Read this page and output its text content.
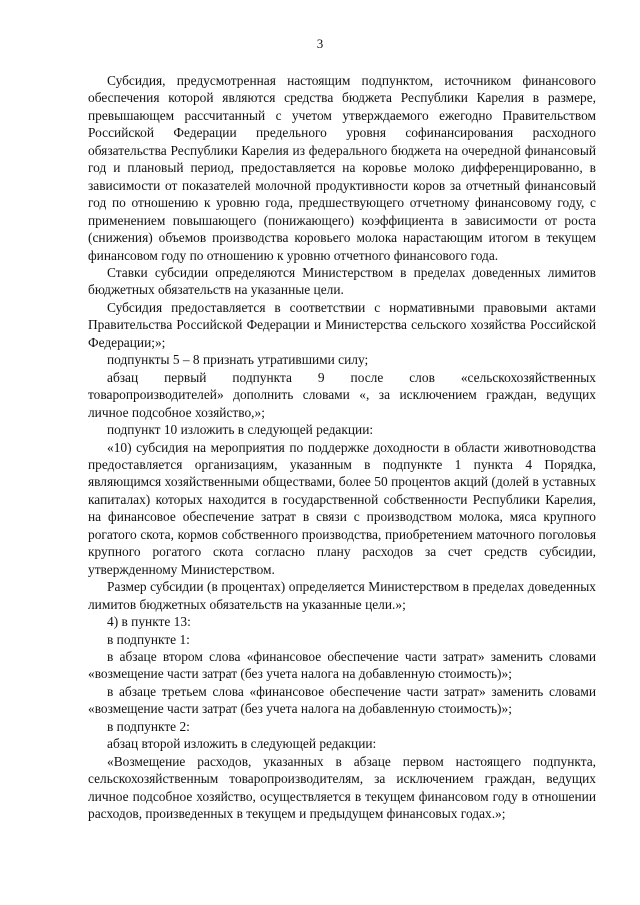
3

Субсидия, предусмотренная настоящим подпунктом, источником финансового обеспечения которой являются средства бюджета Республики Карелия в размере, превышающем рассчитанный с учетом утверждаемого ежегодно Правительством Российской Федерации предельного уровня софинансирования расходного обязательства Республики Карелия из федерального бюджета на очередной финансовый год и плановый период, предоставляется на коровье молоко дифференцированно, в зависимости от показателей молочной продуктивности коров за отчетный финансовый год по отношению к уровню года, предшествующего отчетному финансовому году, с применением повышающего (понижающего) коэффициента в зависимости от роста (снижения) объемов производства коровьего молока нарастающим итогом в текущем финансовом году по отношению к уровню отчетного финансового года.

Ставки субсидии определяются Министерством в пределах доведенных лимитов бюджетных обязательств на указанные цели.

Субсидия предоставляется в соответствии с нормативными правовыми актами Правительства Российской Федерации и Министерства сельского хозяйства Российской Федерации;»;

подпункты 5 – 8 признать утратившими силу;

абзац первый подпункта 9 после слов «сельскохозяйственных товаропроизводителей» дополнить словами «, за исключением граждан, ведущих личное подсобное хозяйство,»;

подпункт 10 изложить в следующей редакции:

«10) субсидия на мероприятия по поддержке доходности в области животноводства предоставляется организациям, указанным в подпункте 1 пункта 4 Порядка, являющимся хозяйственными обществами, более 50 процентов акций (долей в уставных капиталах) которых находится в государственной собственности Республики Карелия, на финансовое обеспечение затрат в связи с производством молока, мяса крупного рогатого скота, кормов собственного производства, приобретением маточного поголовья крупного рогатого скота согласно плану расходов за счет средств субсидии, утвержденному Министерством.

Размер субсидии (в процентах) определяется Министерством в пределах доведенных лимитов бюджетных обязательств на указанные цели.»;

4) в пункте 13:

в подпункте 1:

в абзаце втором слова «финансовое обеспечение части затрат» заменить словами «возмещение части затрат (без учета налога на добавленную стоимость)»;

в абзаце третьем слова «финансовое обеспечение части затрат» заменить словами «возмещение части затрат (без учета налога на добавленную стоимость)»;

в подпункте 2:

абзац второй изложить в следующей редакции:

«Возмещение расходов, указанных в абзаце первом настоящего подпункта, сельскохозяйственным товаропроизводителям, за исключением граждан, ведущих личное подсобное хозяйство, осуществляется в текущем финансовом году в отношении расходов, произведенных в текущем и предыдущем финансовых годах.»;
